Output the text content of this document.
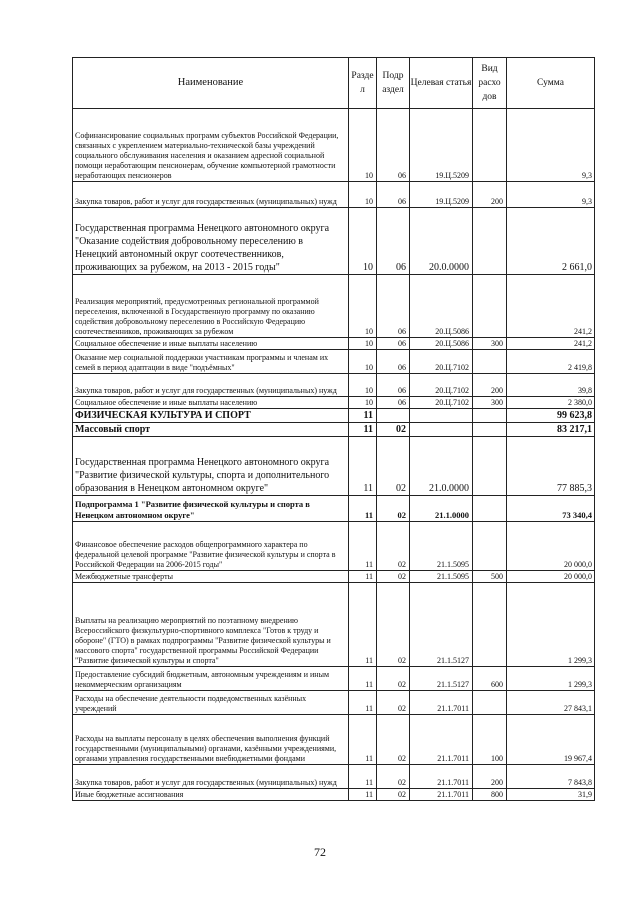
Наименование	Разде л	Подр аздел	Целевая статья	Вид расхо дов	Сумма
Софинансирование социальных программ субъектов Российской Федерации, связанных с укреплением материально-технической базы учреждений социального обслуживания населения и оказанием адресной социальной помощи неработающим пенсионерам, обучение компьютерной грамотности неработающих пенсионеров	10	06	19.Ц.5209		9,3
Закупка товаров, работ и услуг для государственных (муниципальных) нужд	10	06	19.Ц.5209	200	9,3
Государственная программа Ненецкого автономного округа "Оказание содействия добровольному переселению в Ненецкий автономный округ соотечественников, проживающих за рубежом, на 2013 - 2015 годы"	10	06	20.0.0000		2 661,0
Реализация мероприятий, предусмотренных региональной программой переселения, включенной в Государственную программу по оказанию содействия добровольному переселению в Российскую Федерацию соотечественников, проживающих за рубежом	10	06	20.Ц.5086		241,2
Социальное обеспечение и иные выплаты населению	10	06	20.Ц.5086	300	241,2
Оказание мер социальной поддержки участникам программы и членам их семей в период адаптации в виде "подъёмных"	10	06	20.Ц.7102		2 419,8
Закупка товаров, работ и услуг для государственных (муниципальных) нужд	10	06	20.Ц.7102	200	39,8
Социальное обеспечение и иные выплаты населению	10	06	20.Ц.7102	300	2 380,0
ФИЗИЧЕСКАЯ КУЛЬТУРА И СПОРТ	11				99 623,8
Массовый спорт	11	02			83 217,1
Государственная программа Ненецкого автономного округа "Развитие физической культуры, спорта и дополнительного образования в Ненецком автономном округе"	11	02	21.0.0000		77 885,3
Подпрограмма 1 "Развитие физической культуры и спорта в Ненецком автономном округе"	11	02	21.1.0000		73 340,4
Финансовое обеспечение расходов общепрограммного характера по федеральной целевой программе "Развитие физической культуры и спорта в Российской Федерации на 2006-2015 годы"	11	02	21.1.5095		20 000,0
Межбюджетные трансферты	11	02	21.1.5095	500	20 000,0
Выплаты на реализацию мероприятий по поэтапному внедрению Всероссийского физкультурно-спортивного комплекса "Готов к труду и обороне" (ГТО) в рамках подпрограммы "Развитие физической культуры и массового спорта" государственной программы Российской Федерации "Развитие физической культуры и спорта"	11	02	21.1.5127		1 299,3
Предоставление субсидий бюджетным, автономным учреждениям и иным некоммерческим организациям	11	02	21.1.5127	600	1 299,3
Расходы на обеспечение деятельности подведомственных казённых учреждений	11	02	21.1.7011		27 843,1
Расходы на выплаты персоналу в целях обеспечения выполнения функций государственными (муниципальными) органами, казёнными учреждениями, органами управления государственными внебюджетными фондами	11	02	21.1.7011	100	19 967,4
Закупка товаров, работ и услуг для государственных (муниципальных) нужд	11	02	21.1.7011	200	7 843,8
Иные бюджетные ассигнования	11	02	21.1.7011	800	31,9
72
